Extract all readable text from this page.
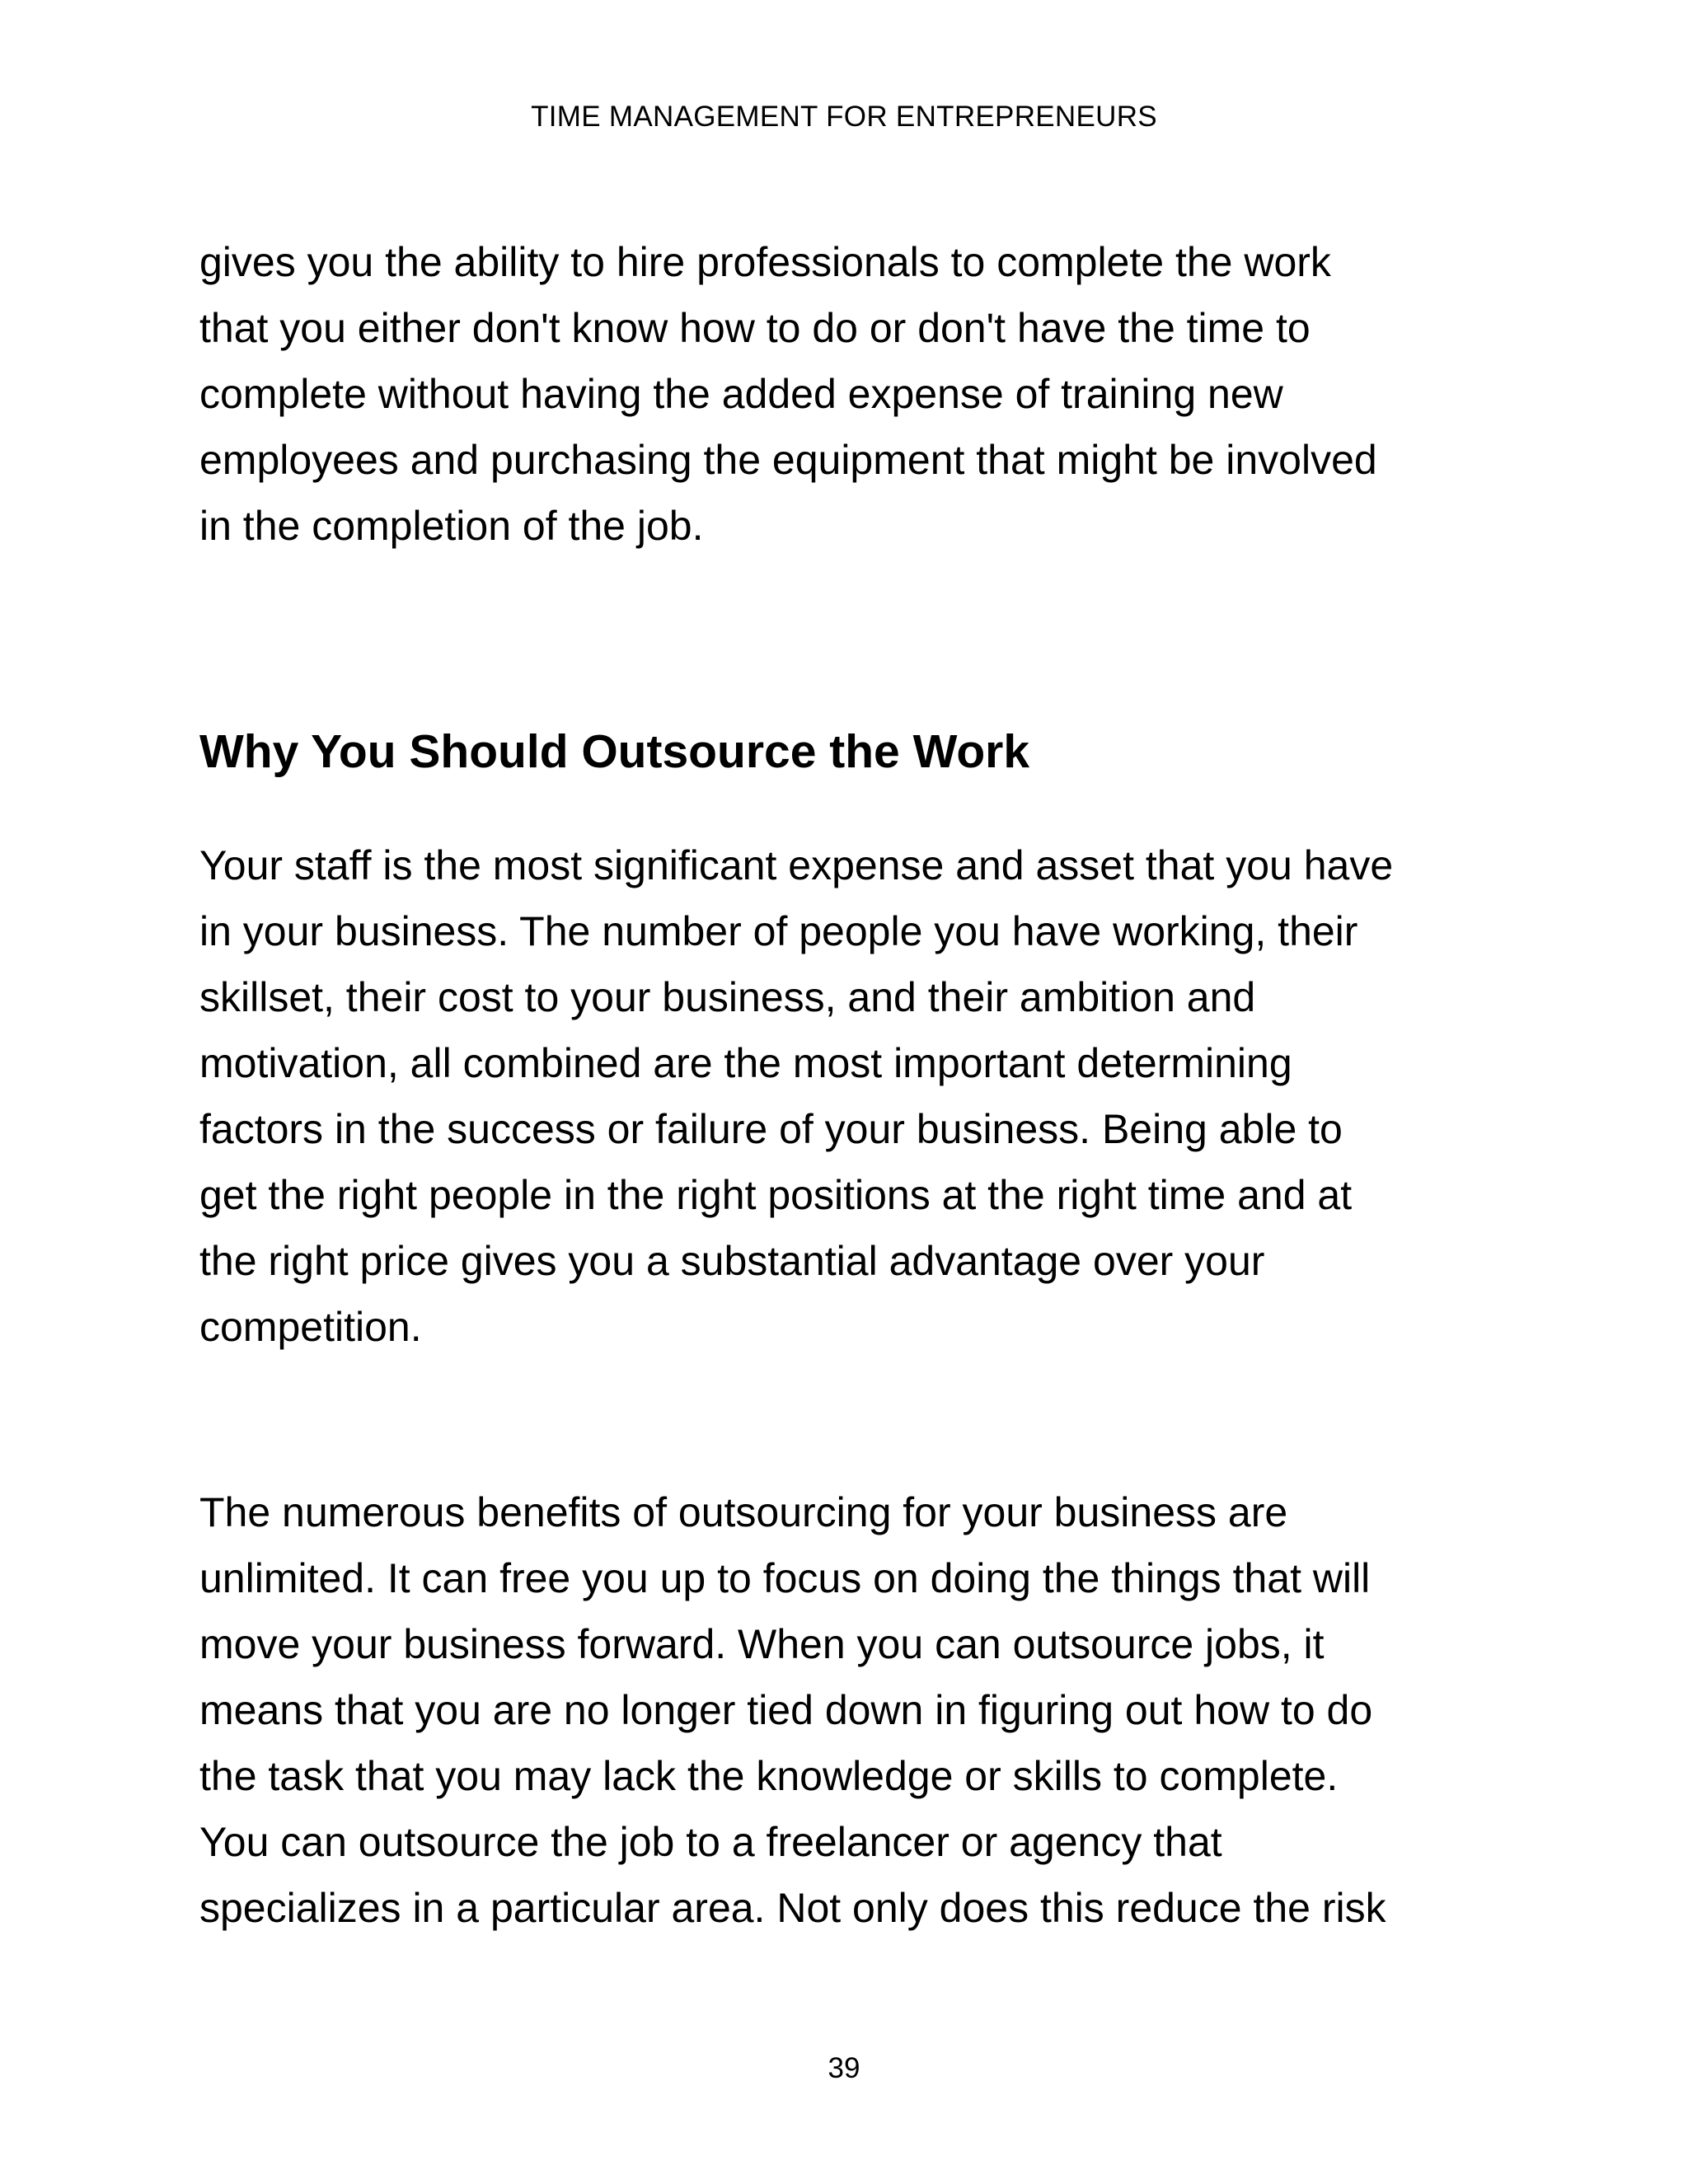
TIME MANAGEMENT FOR ENTREPRENEURS

gives you the ability to hire professionals to complete the work
that you either don't know how to do or don't have the time to
complete without having the added expense of training new
employees and purchasing the equipment that might be involved
in the completion of the job.

Why You Should Outsource the Work

Your staff is the most significant expense and asset that you have
in your business. The number of people you have working, their
skillset, their cost to your business, and their ambition and
motivation, all combined are the most important determining
factors in the success or failure of your business. Being able to
get the right people in the right positions at the right time and at
the right price gives you a substantial advantage over your
competition.

The numerous benefits of outsourcing for your business are
unlimited. It can free you up to focus on doing the things that will
move your business forward. When you can outsource jobs, it
means that you are no longer tied down in figuring out how to do
the task that you may lack the knowledge or skills to complete.
You can outsource the job to a freelancer or agency that
specializes in a particular area. Not only does this reduce the risk

39
